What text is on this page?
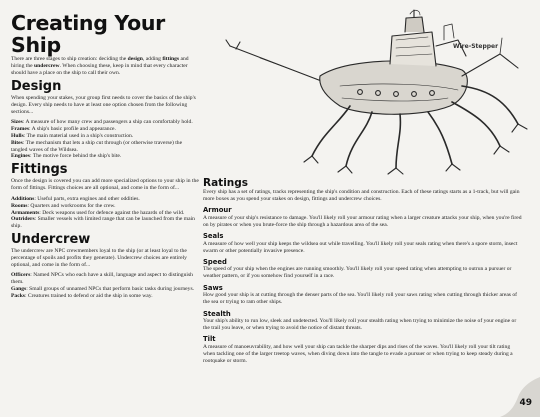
Creating Your Ship

There are three stages to ship creation: deciding the design, adding fittings and hiring the undercrew. When choosing these, keep in mind that every character should have a place on the ship to call their own.

Design

When spending your stakes, your group first needs to cover the basics of the ship's design. Every ship needs to have at least one option chosen from the following sections...

Sizes: A measure of how many crew and passengers a ship can comfortably hold.

Frames: A ship's basic profile and appearance.

Hulls: The main material used in a ship's construction.

Bites: The mechanism that lets a ship cut through (or otherwise traverse) the tangled waves of the Wildsea.

Engines: The motive force behind the ship's bite.

Fittings

Once the design is covered you can add more specialized options to your ship in the form of fittings. Fittings choices are all optional, and come in the form of...

Additions: Useful parts, extra engines and other oddities.

Rooms: Quarters and workrooms for the crew.

Armaments: Deck weapons used for defence against the hazards of the wild.

Outriders: Smaller vessels with limited range that can be launched from the main ship.

Undercrew

The undercrew are NPC crewmembers loyal to the ship (or at least loyal to the percentage of spoils and profits they generate). Undercrew choices are entirely optional, and come in the form of...

Officers: Named NPCs who each have a skill, language and aspect to distinguish them.

Gangs: Small groups of unnamed NPCs that perform basic tasks during journeys.

Packs: Creatures trained to defend or aid the ship in some way.

Wire-Stepper
Ratings

Every ship has a set of ratings, tracks representing the ship's condition and construction. Each of these ratings starts as a 1-track, but will gain more boxes as you spend your stakes on design, fittings and undercrew choices.

Armour

A measure of your ship's resistance to damage. You'll likely roll your armour rating when a larger creature attacks your ship, when you're fired on by pirates or when you brute-force the ship through a hazardous area of the sea.

Seals

A measure of how well your ship keeps the wildsea out while travelling. You'll likely roll your seals rating when there's a spore storm, insect swarm or other potentially invasive presence.

Speed

The speed of your ship when the engines are running smoothly. You'll likely roll your speed rating when attempting to outrun a pursuer or weather pattern, or if you somehow find yourself in a race.

Saws

How good your ship is at cutting through the denser parts of the sea. You'll likely roll your saws rating when cutting through thicker areas of the sea or trying to ram other ships.

Stealth

Your ship's ability to run low, sleek and undetected. You'll likely roll your stealth rating when trying to minimize the noise of your engine or the trail you leave, or when trying to avoid the notice of distant threats.

Tilt

A measure of manoeuvrability, and how well your ship can tackle the sharper dips and rises of the waves. You'll likely roll your tilt rating when tackling one of the larger treetop waves, when diving down into the tangle to evade a pursuer or when trying to keep steady during a rootquake or storm.

49
